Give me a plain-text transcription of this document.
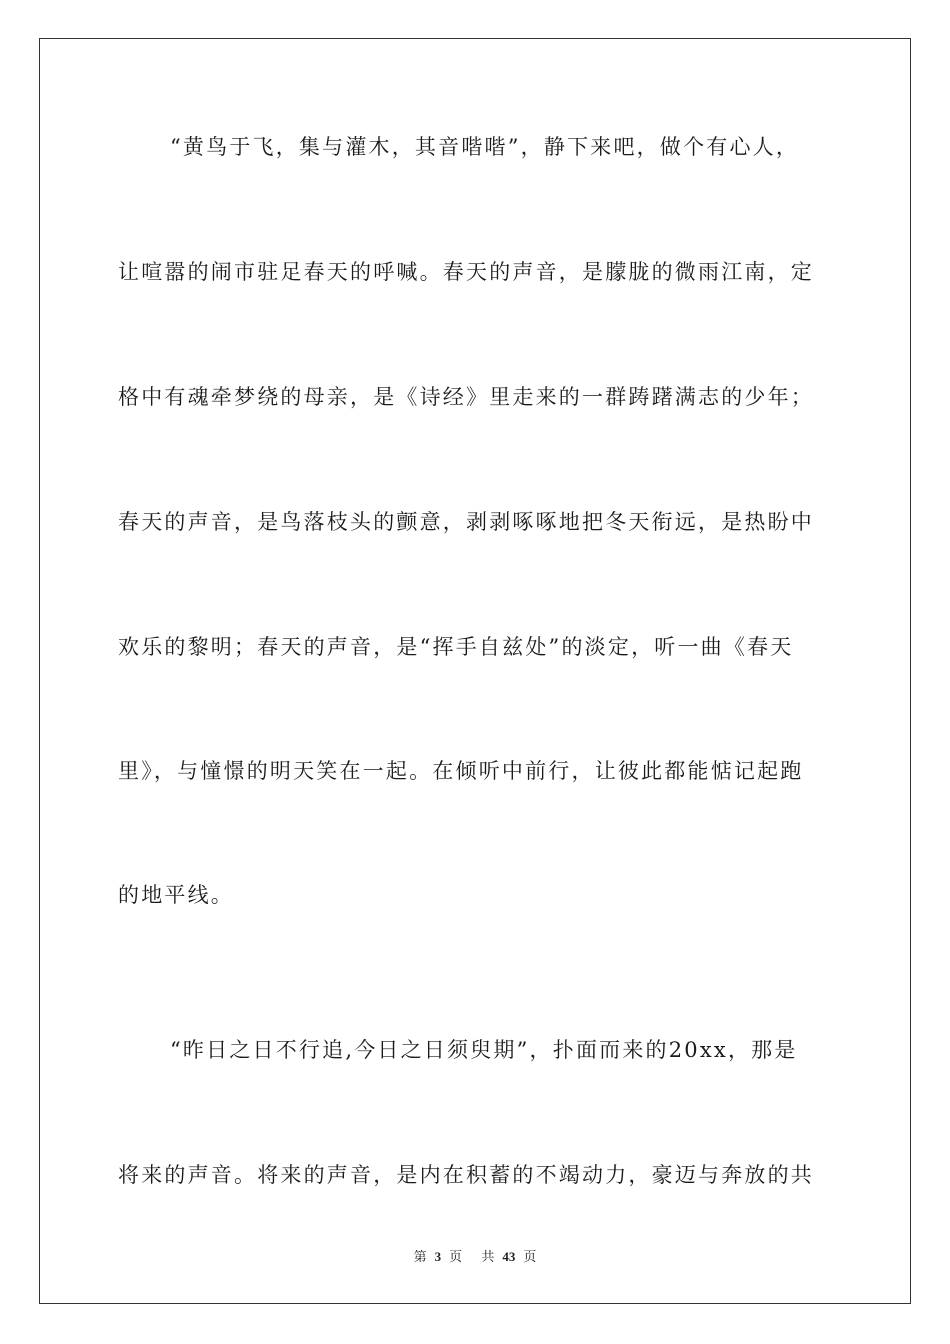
“黄鸟于飞，集与灌木，其音喈喈”，静下来吧，做个有心人，
让喧嚣的闹市驻足春天的呼喊。春天的声音，是朦胧的微雨江南，定
格中有魂牵梦绕的母亲，是《诗经》里走来的一群踌躇满志的少年；
春天的声音，是鸟落枝头的颤意，剥剥啄啄地把冬天衔远，是热盼中
欢乐的黎明；春天的声音，是“挥手自兹处”的淡定，听一曲《春天
里》，与憧憬的明天笑在一起。在倾听中前行，让彼此都能惦记起跑
的地平线。
“昨日之日不行追,今日之日须臾期”，扑面而来的20xx，那是
将来的声音。将来的声音，是内在积蓄的不竭动力，豪迈与奔放的共
第 3 页 共 43 页
